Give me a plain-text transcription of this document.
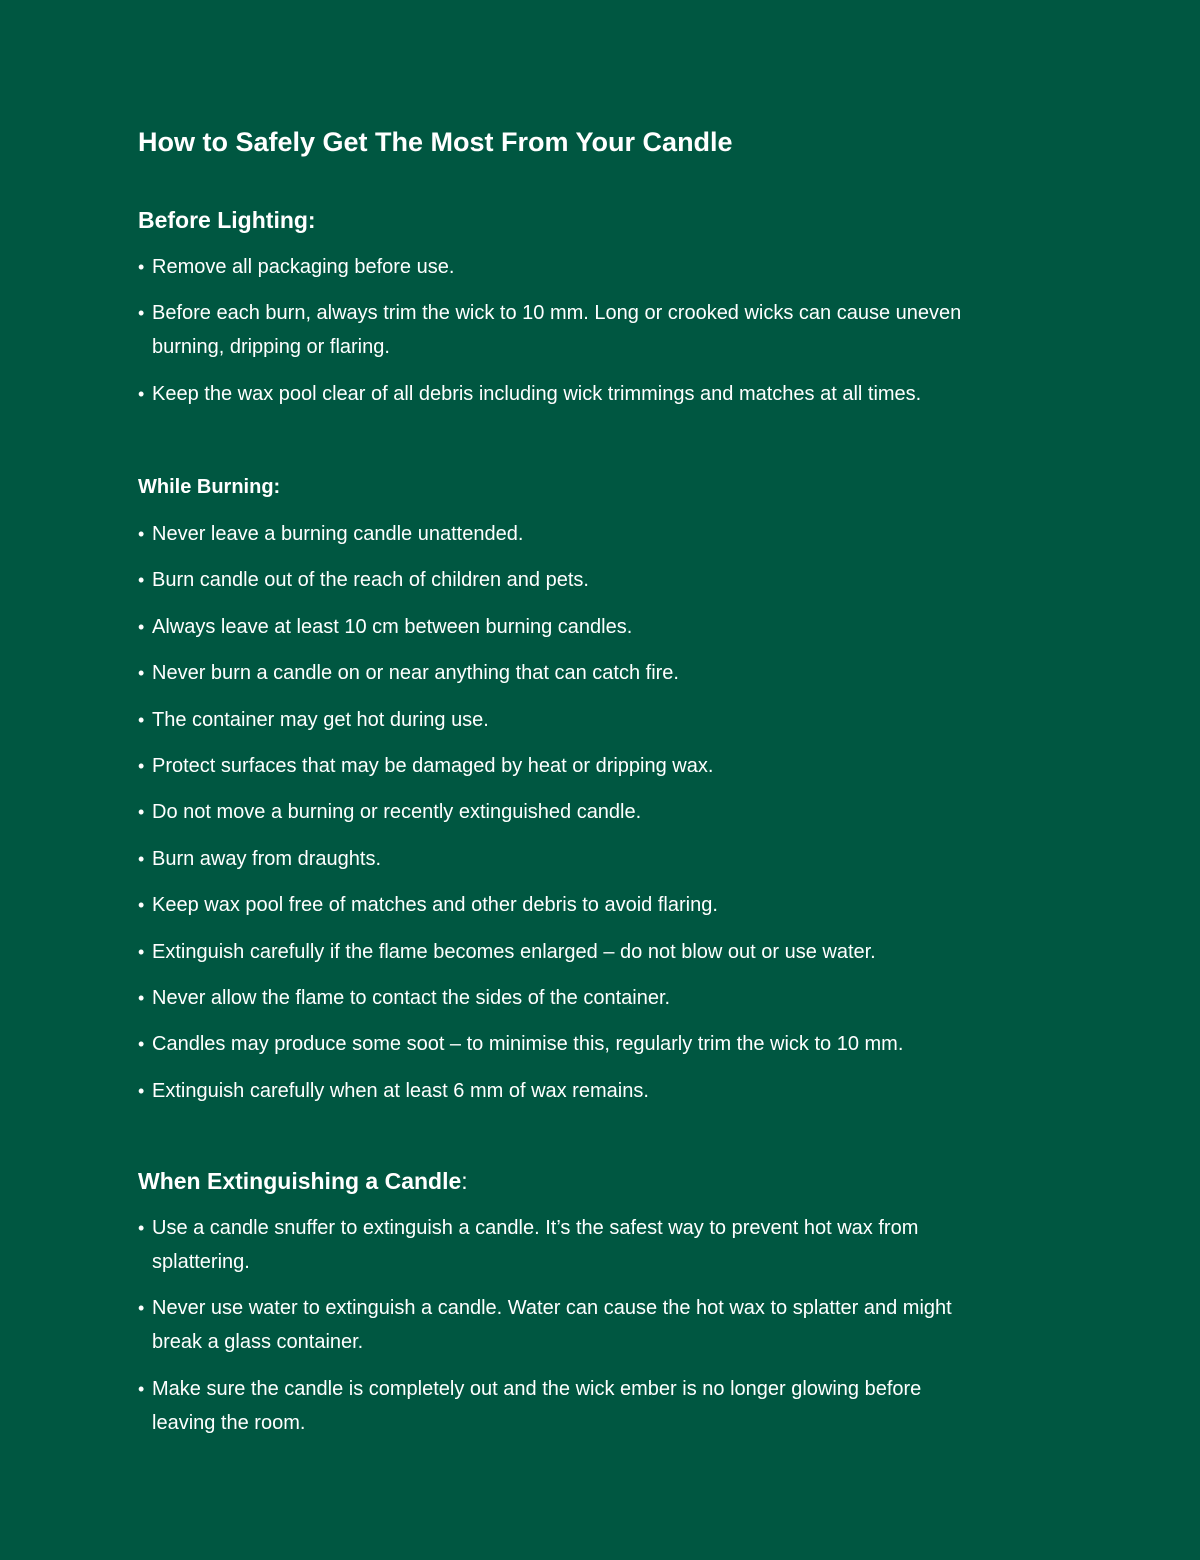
How to Safely Get The Most From Your Candle
Before Lighting:
• Remove all packaging before use.
• Before each burn, always trim the wick to 10 mm. Long or crooked wicks can cause uneven burning, dripping or flaring.
• Keep the wax pool clear of all debris including wick trimmings and matches at all times.
While Burning:
• Never leave a burning candle unattended.
• Burn candle out of the reach of children and pets.
• Always leave at least 10 cm between burning candles.
• Never burn a candle on or near anything that can catch fire.
• The container may get hot during use.
• Protect surfaces that may be damaged by heat or dripping wax.
• Do not move a burning or recently extinguished candle.
• Burn away from draughts.
• Keep wax pool free of matches and other debris to avoid flaring.
• Extinguish carefully if the flame becomes enlarged – do not blow out or use water.
• Never allow the flame to contact the sides of the container.
• Candles may produce some soot – to minimise this, regularly trim the wick to 10 mm.
• Extinguish carefully when at least 6 mm of wax remains.
When Extinguishing a Candle:
• Use a candle snuffer to extinguish a candle. It’s the safest way to prevent hot wax from splattering.
• Never use water to extinguish a candle. Water can cause the hot wax to splatter and might break a glass container.
• Make sure the candle is completely out and the wick ember is no longer glowing before leaving the room.
